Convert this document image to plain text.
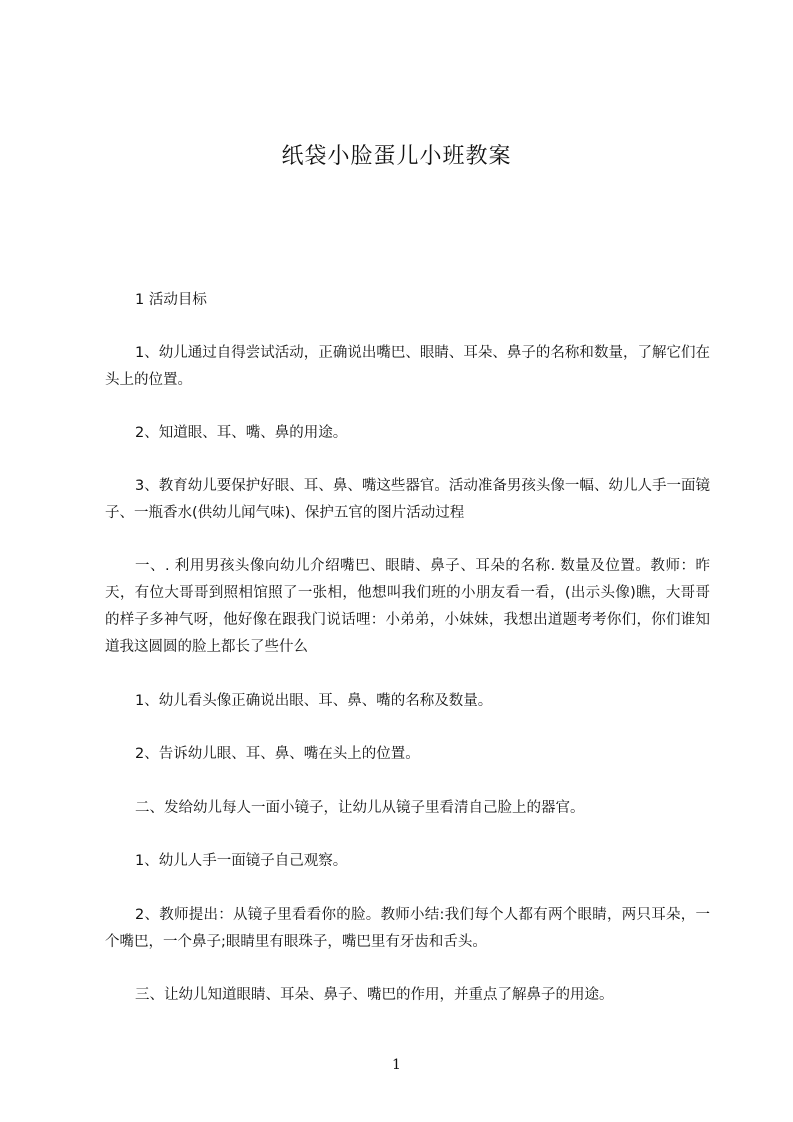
纸袋小脸蛋儿小班教案

1 活动目标

1、幼儿通过自得尝试活动，正确说出嘴巴、眼睛、耳朵、鼻子的名称和数量，了解它们在头上的位置。

2、知道眼、耳、嘴、鼻的用途。

3、教育幼儿要保护好眼、耳、鼻、嘴这些器官。活动准备男孩头像一幅、幼儿人手一面镜子、一瓶香水(供幼儿闻气味)、保护五官的图片活动过程

一、. 利用男孩头像向幼儿介绍嘴巴、眼睛、鼻子、耳朵的名称. 数量及位置。教师：昨天，有位大哥哥到照相馆照了一张相，他想叫我们班的小朋友看一看，(出示头像)瞧，大哥哥的样子多神气呀，他好像在跟我门说话哩：小弟弟，小妹妹，我想出道题考考你们，你们谁知道我这圆圆的脸上都长了些什么

1、幼儿看头像正确说出眼、耳、鼻、嘴的名称及数量。

2、告诉幼儿眼、耳、鼻、嘴在头上的位置。

二、发给幼儿每人一面小镜子，让幼儿从镜子里看清自己脸上的器官。

1、幼儿人手一面镜子自己观察。

2、教师提出：从镜子里看看你的脸。教师小结:我们每个人都有两个眼睛，两只耳朵，一个嘴巴，一个鼻子;眼睛里有眼珠子，嘴巴里有牙齿和舌头。

三、让幼儿知道眼睛、耳朵、鼻子、嘴巴的作用，并重点了解鼻子的用途。

1
